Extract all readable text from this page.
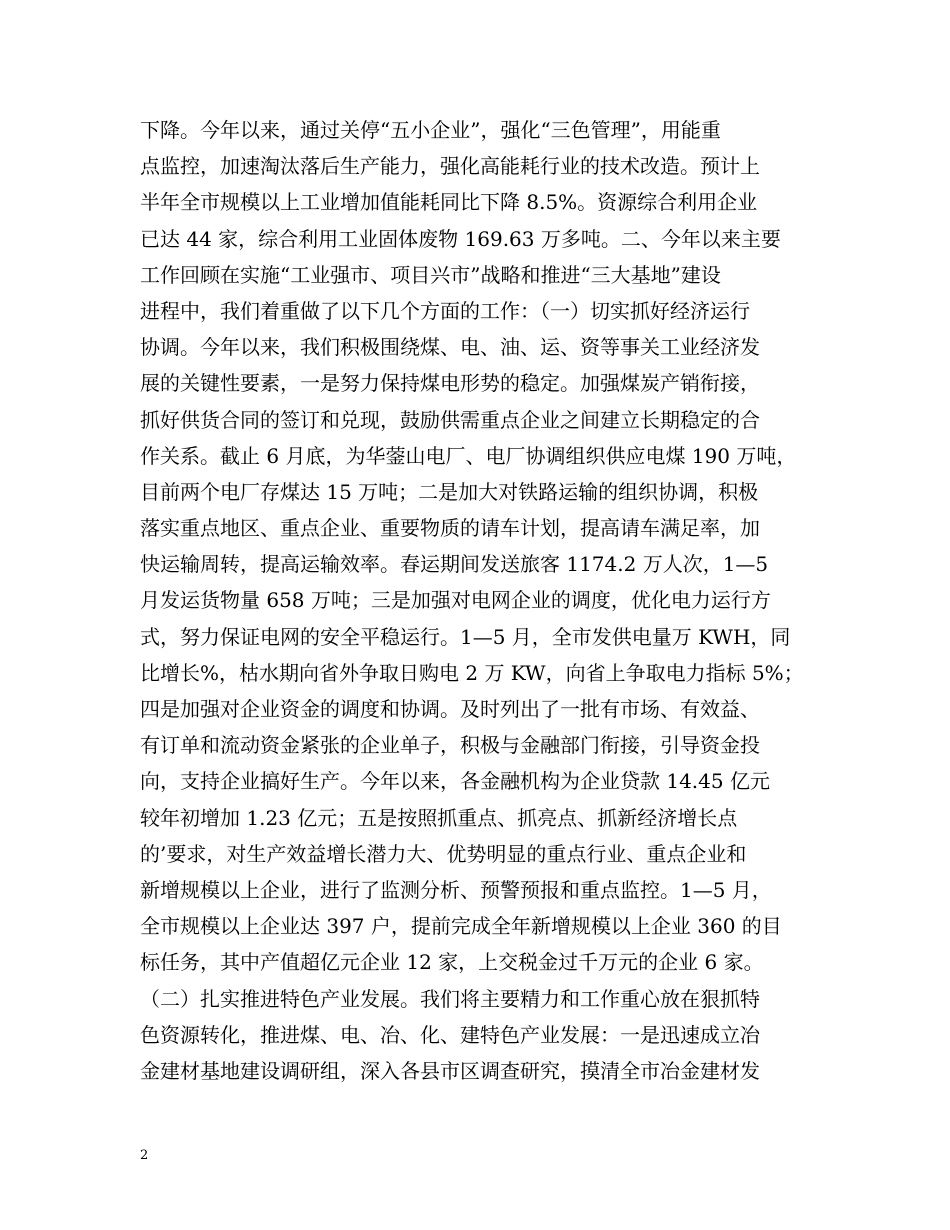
下降。今年以来，通过关停“五小企业”，强化“三色管理”，用能重
点监控，加速淘汰落后生产能力，强化高能耗行业的技术改造。预计上
半年全市规模以上工业增加值能耗同比下降 8.5%。资源综合利用企业
已达 44 家，综合利用工业固体废物 169.63 万多吨。二、今年以来主要
工作回顾在实施“工业强市、项目兴市”战略和推进“三大基地”建设
进程中，我们着重做了以下几个方面的工作：（一）切实抓好经济运行
协调。今年以来，我们积极围绕煤、电、油、运、资等事关工业经济发
展的关键性要素，一是努力保持煤电形势的稳定。加强煤炭产销衔接，
抓好供货合同的签订和兑现，鼓励供需重点企业之间建立长期稳定的合
作关系。截止 6 月底，为华蓥山电厂、电厂协调组织供应电煤 190 万吨，
目前两个电厂存煤达 15 万吨；二是加大对铁路运输的组织协调，积极
落实重点地区、重点企业、重要物质的请车计划，提高请车满足率，加
快运输周转，提高运输效率。春运期间发送旅客 1174.2 万人次，1—5
月发运货物量 658 万吨；三是加强对电网企业的调度，优化电力运行方
式，努力保证电网的安全平稳运行。1—5 月，全市发供电量万 KWH，同
比增长%，枯水期向省外争取日购电 2 万 KW，向省上争取电力指标 5%；
四是加强对企业资金的调度和协调。及时列出了一批有市场、有效益、
有订单和流动资金紧张的企业单子，积极与金融部门衔接，引导资金投
向，支持企业搞好生产。今年以来，各金融机构为企业贷款 14.45 亿元
较年初增加 1.23 亿元；五是按照抓重点、抓亮点、抓新经济增长点
的’要求，对生产效益增长潜力大、优势明显的重点行业、重点企业和
新增规模以上企业，进行了监测分析、预警预报和重点监控。1—5 月，
全市规模以上企业达 397 户，提前完成全年新增规模以上企业 360 的目
标任务，其中产值超亿元企业 12 家，上交税金过千万元的企业 6 家。
（二）扎实推进特色产业发展。我们将主要精力和工作重心放在狠抓特
色资源转化，推进煤、电、冶、化、建特色产业发展：一是迅速成立冶
金建材基地建设调研组，深入各县市区调查研究，摸清全市冶金建材发
2
